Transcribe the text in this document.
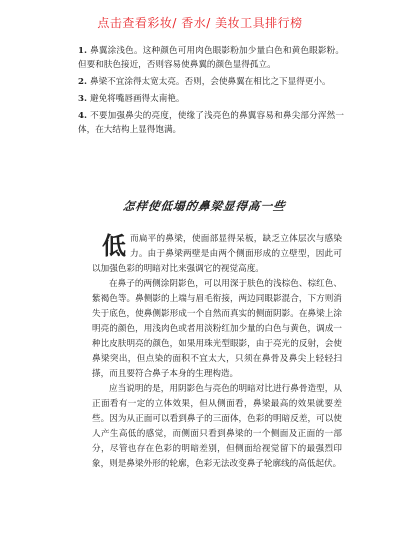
点击查看彩妆/ 香水/ 美妆工具排行榜
1. 鼻翼涂浅色。这种颜色可用肉色眼影粉加少量白色和黄色眼影粉。但要和肤色接近，否则容易使鼻翼的颜色显得孤立。
2. 鼻梁不宜涂得太宽太亮。否则，会使鼻翼在相比之下显得更小。
3. 避免将嘴唇画得太南艳。
4. 不要加强鼻尖的亮度，使缘了浅亮色的鼻翼容易和鼻尖部分浑然一体，在大结构上显得饱满。
怎样使低塌的鼻梁显得高一些

低而扁平的鼻梁，使面部显得呆板，缺乏立体层次与感染力。由于鼻梁两壁是由两个侧面形成的立壁型，因此可以加强色彩的明暗对比来强调它的视觉高度。

在鼻子的两侧涂阴影色，可以用深于肤色的浅棕色、棕红色、紫褐色等。鼻侧影的上端与眉毛衔接，两边同眼影混合，下方则消失于底色，使鼻侧影形成一个自然而真实的侧面阴影。在鼻梁上涂明亮的颜色，用浅肉色或者用淡粉红加少量的白色与黄色，调成一种比皮肤明亮的颜色，如果用珠光型眼影，由于亮光的反射，会使鼻梁突出，但点染的面积不宜太大，只须在鼻骨及鼻尖上轻轻扫搽，而且要符合鼻子本身的生理构造。

应当说明的是，用阴影色与亮色的明暗对比进行鼻骨造型，从正面看有一定的立体效果，但从侧面看，鼻梁最高的效果就要差些。因为从正面可以看到鼻子的三面体，色彩的明暗反差，可以使人产生高低的感觉，而侧面只看到鼻梁的一个侧面及正面的一部分，尽管也存在色彩的明暗差别，但侧面给视觉留下的最强烈印象，则是鼻梁外形的轮廓，色彩无法改变鼻子轮廓线的高低起伏。
